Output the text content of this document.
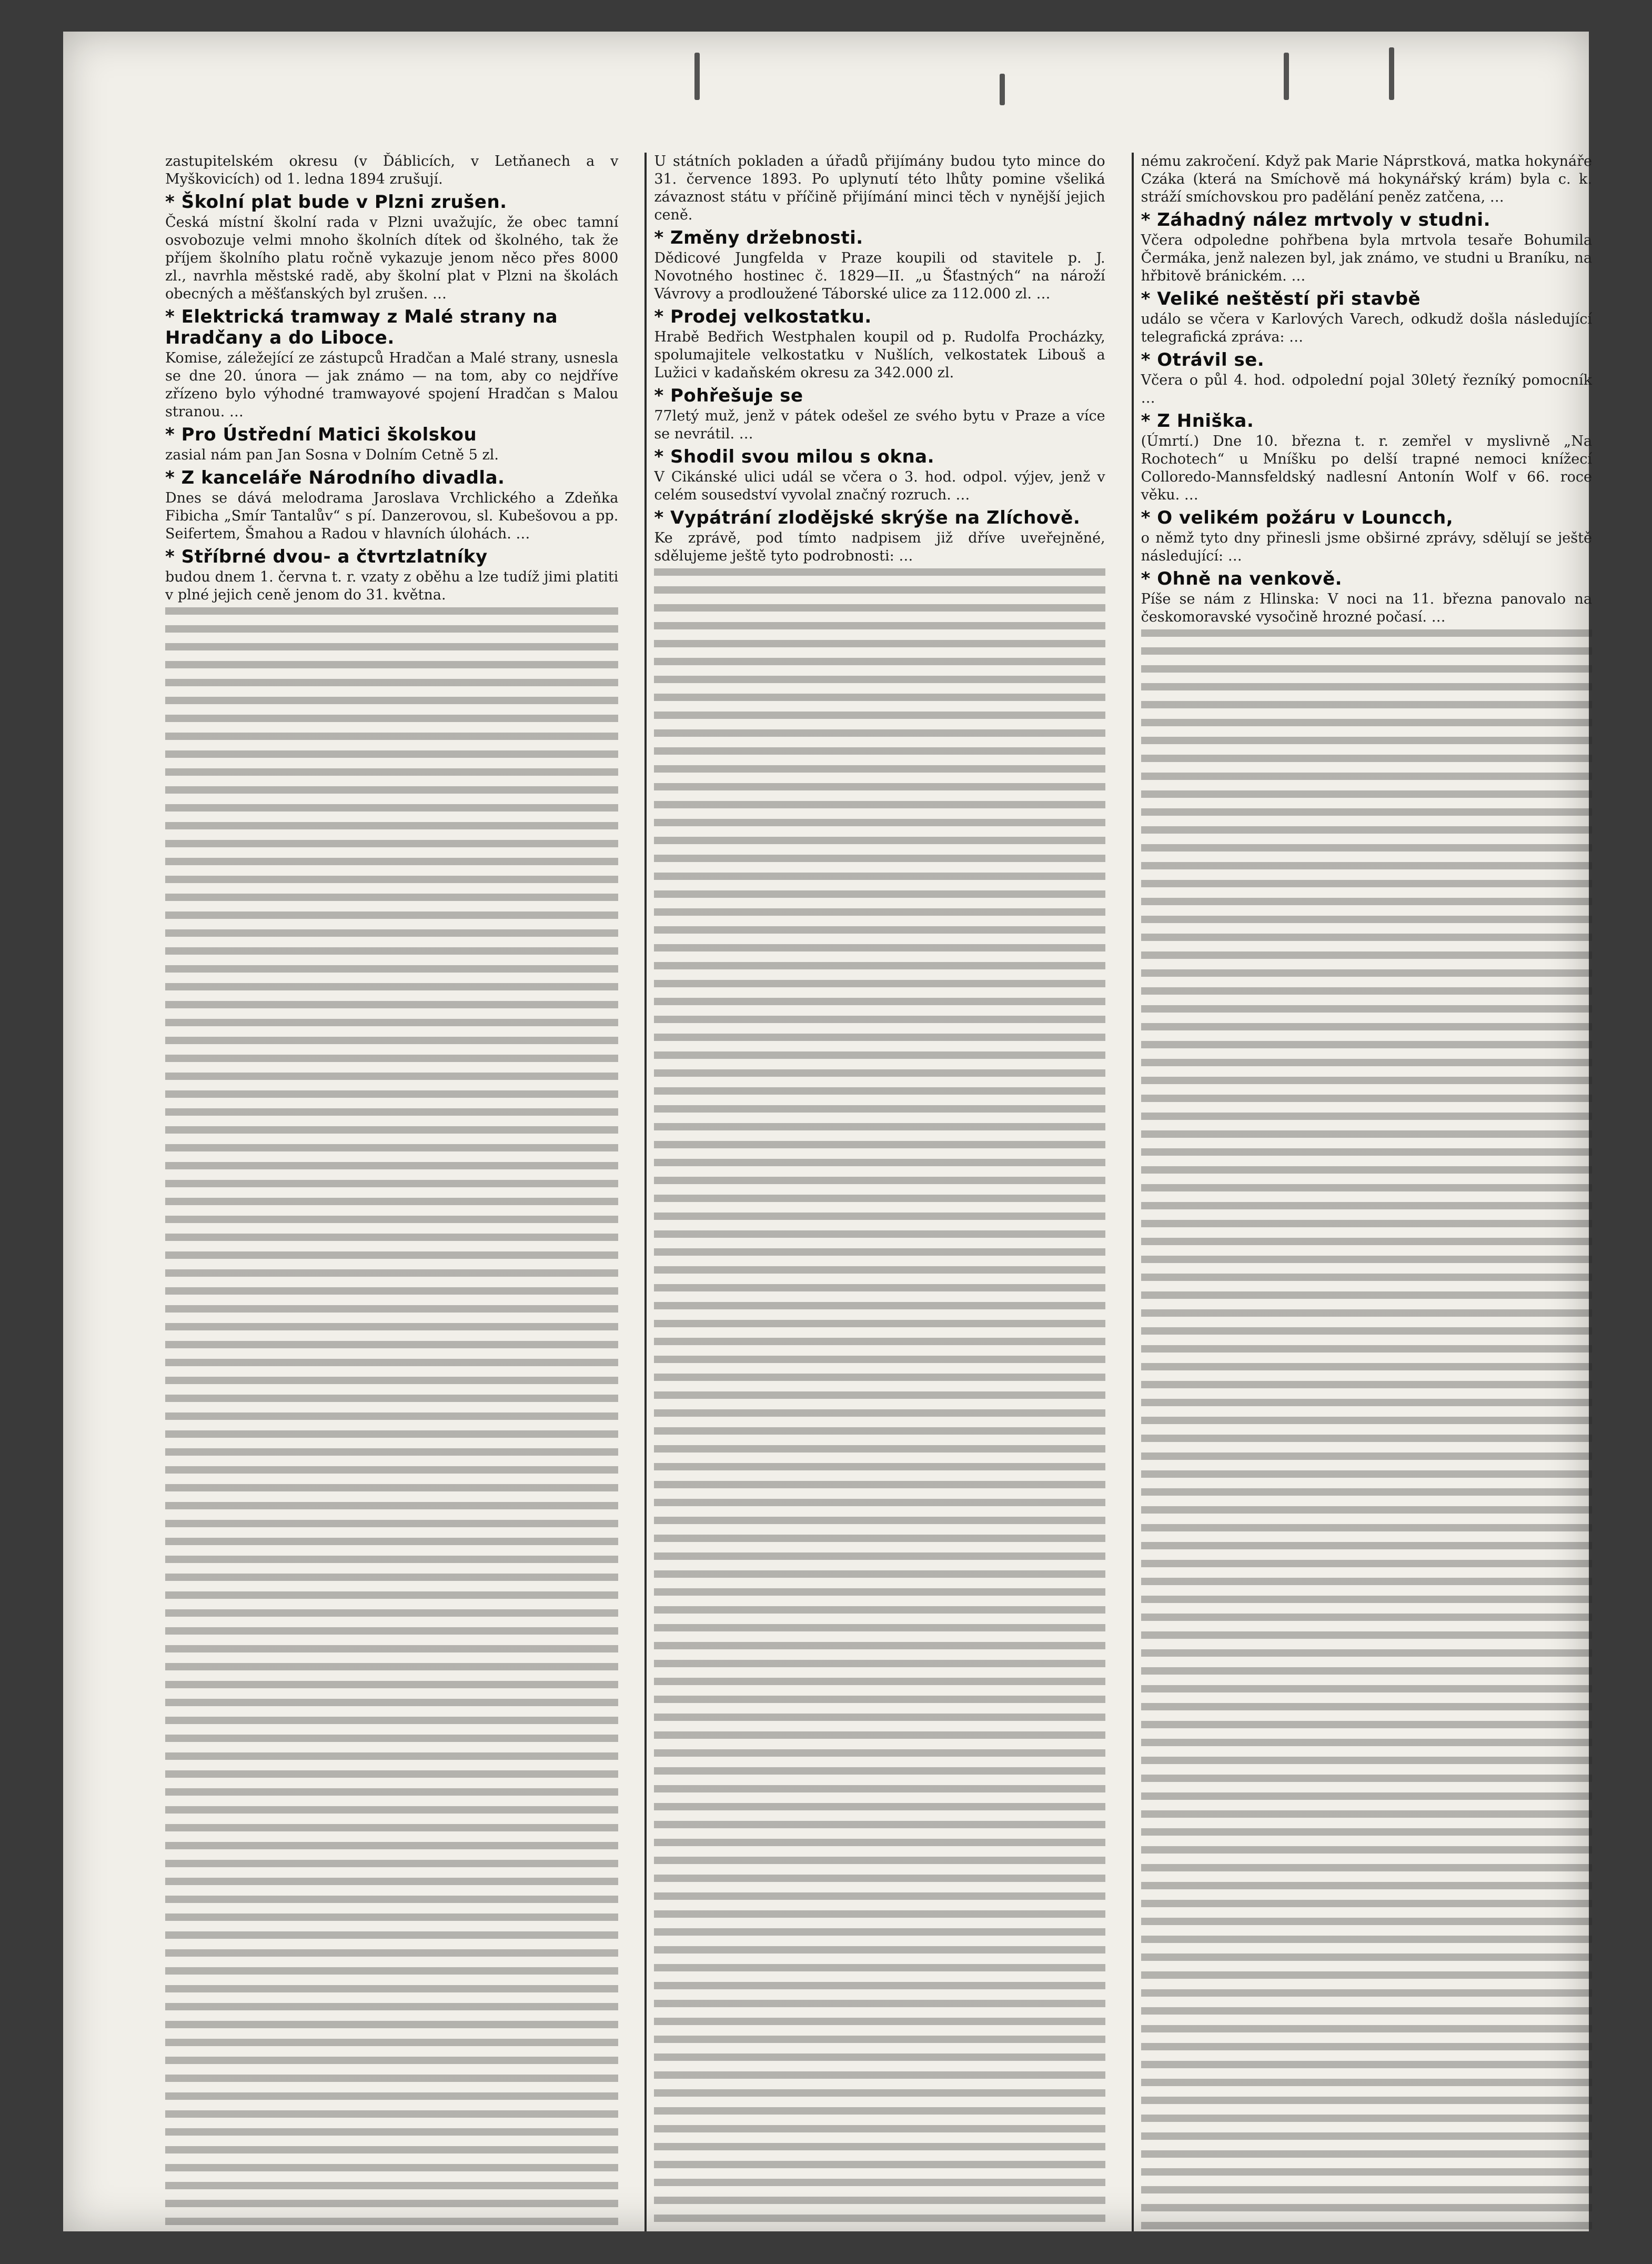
zastupitelském okresu (v Ďáblicích, v Letňanech a v Myškovicích) od 1. ledna 1894 zrušují.

* Školní plat bude v Plzni zrušen.

Česká místní školní rada v Plzni uvažujíc, že obec tamní osvobozuje velmi mnoho školních dítek od školného, tak že příjem školního platu ročně vykazuje jenom něco přes 8000 zl., navrhla městské radě, aby školní plat v Plzni na školách obecných a měšťanských byl zrušen. …

* Elektrická tramway z Malé strany na Hradčany a do Liboce.

Komise, záležející ze zástupců Hradčan a Malé strany, usnesla se dne 20. února — jak známo — na tom, aby co nejdříve zřízeno bylo výhodné tramwayové spojení Hradčan s Malou stranou. …

* Pro Ústřední Matici školskou

zasial nám pan Jan Sosna v Dolním Cetně 5 zl.

* Z kanceláře Národního divadla.

Dnes se dává melodrama Jaroslava Vrchlického a Zdeňka Fibicha „Smír Tantalův“ s pí. Danzerovou, sl. Kubešovou a pp. Seifertem, Šmahou a Radou v hlavních úlohách. …

* Stříbrné dvou- a čtvrtzlatníky

budou dnem 1. června t. r. vzaty z oběhu a lze tudíž jimi platiti v plné jejich ceně jenom do 31. května.

U státních pokladen a úřadů přijímány budou tyto mince do 31. července 1893. Po uplynutí této lhůty pomine všeliká závaznost státu v příčině přijímání minci těch v nynější jejich ceně.

* Změny držebnosti.

Dědicové Jungfelda v Praze koupili od stavitele p. J. Novotného hostinec č. 1829—II. „u Šťastných“ na nároží Vávrovy a prodloužené Táborské ulice za 112.000 zl. …

* Prodej velkostatku.

Hrabě Bedřich Westphalen koupil od p. Rudolfa Procházky, spolumajitele velkostatku v Nušlích, velkostatek Libouš a Lužici v kadaňském okresu za 342.000 zl.

* Pohřešuje se

77letý muž, jenž v pátek odešel ze svého bytu v Praze a více se nevrátil. …

* Shodil svou milou s okna.

V Cikánské ulici udál se včera o 3. hod. odpol. výjev, jenž v celém sousedství vyvolal značný rozruch. …

* Vypátrání zlodějské skrýše na Zlíchově.

Ke zprávě, pod tímto nadpisem již dříve uveřejněné, sdělujeme ještě tyto podrobnosti: …

nému zakročení. Když pak Marie Náprstková, matka hokynáře Czáka (která na Smíchově má hokynářský krám) byla c. k. stráží smíchovskou pro padělání peněz zatčena, …

* Záhadný nález mrtvoly v studni.

Včera odpoledne pohřbena byla mrtvola tesaře Bohumila Čermáka, jenž nalezen byl, jak známo, ve studni u Braníku, na hřbitově bránickém. …

* Veliké neštěstí při stavbě

událo se včera v Karlových Varech, odkudž došla následující telegrafická zpráva: …

* Otrávil se.

Včera o půl 4. hod. odpolední pojal 30letý řezníký pomocník …

* Z Hniška.

(Úmrtí.) Dne 10. března t. r. zemřel v myslivně „Na Rochotech“ u Mníšku po delší trapné nemoci knížecí Colloredo-Mannsfeldský nadlesní Antonín Wolf v 66. roce věku. …

* O velikém požáru v Louncch,

o němž tyto dny přinesli jsme obširné zprávy, sdělují se ještě následující: …

* Ohně na venkově.

Píše se nám z Hlinska: V noci na 11. března panovalo na českomoravské vysočině hrozné počasí. …
